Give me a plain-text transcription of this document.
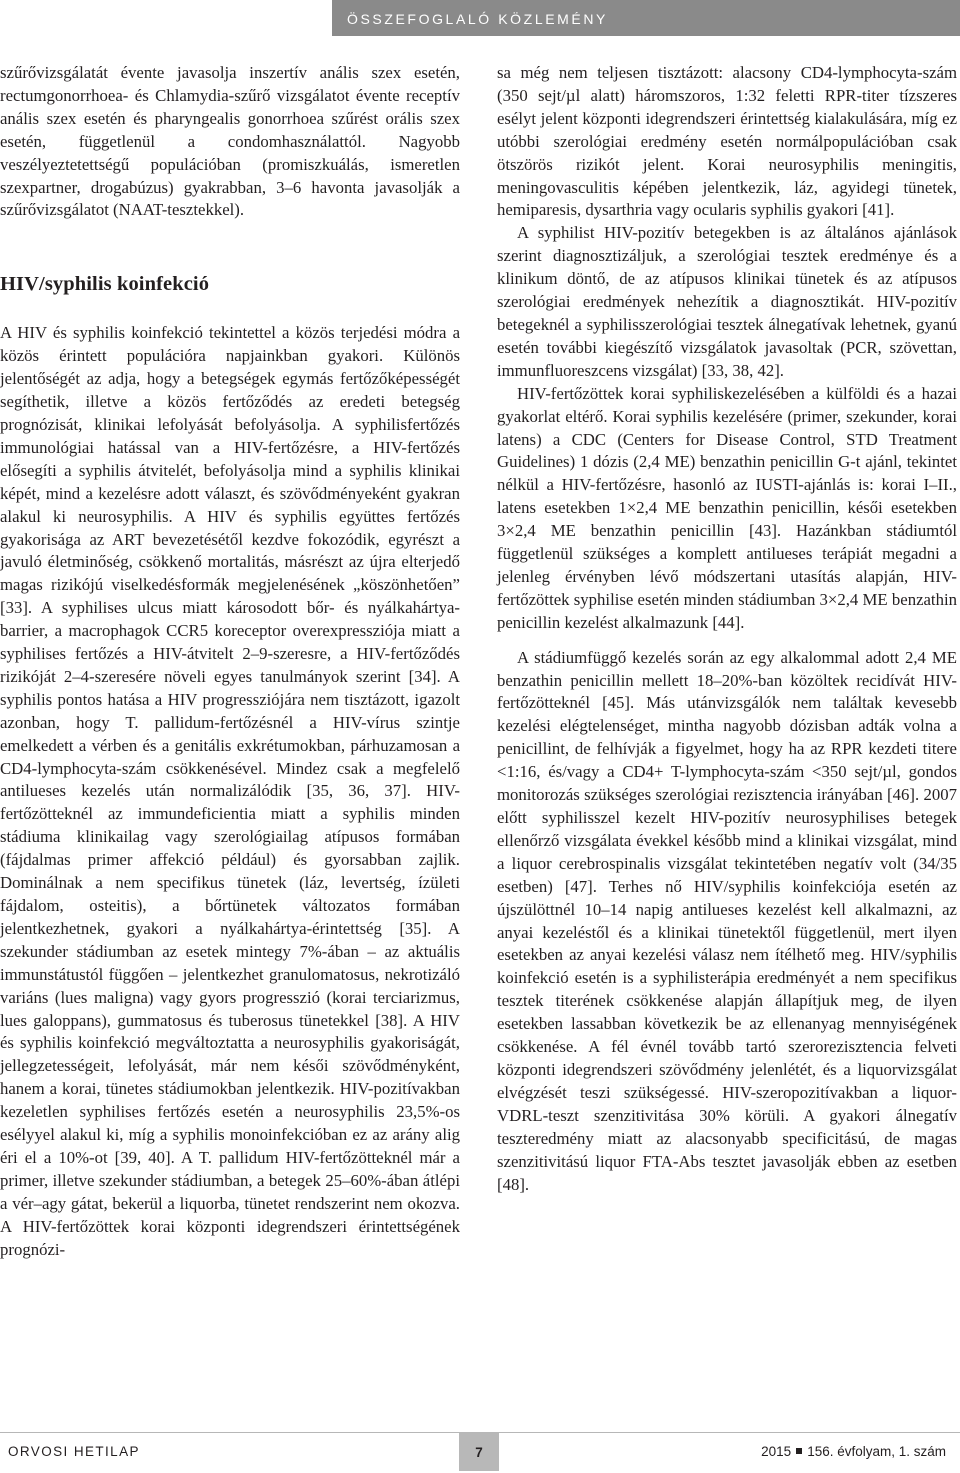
ÖSSZEFOGLALÓ KÖZLEMÉNY

szűrővizsgálatát évente javasolja inszertív anális szex esetén, rectumgonorrhoea- és Chlamydia-szűrő vizsgálatot évente receptív anális szex esetén és pharyngealis gonorrhoea szűrést orális szex esetén, függetlenül a condomhasználattól. Nagyobb veszélyeztetettségű populációban (promiszkuálás, ismeretlen szexpartner, drogabúzus) gyakrabban, 3–6 havonta javasolják a szűrővizsgálatot (NAAT-tesztekkel).

HIV/syphilis koinfekció

A HIV és syphilis koinfekció tekintettel a közös terjedési módra a közös érintett populációra napjainkban gyakori. Különös jelentőségét az adja, hogy a betegségek egymás fertőzőképességét segíthetik, illetve a közös fertőződés az eredeti betegség prognózisát, klinikai lefolyását befolyásolja. A syphilisfertőzés immunológiai hatással van a HIV-fertőzésre, a HIV-fertőzés elősegíti a syphilis átvitelét, befolyásolja mind a syphilis klinikai képét, mind a kezelésre adott választ, és szövődményeként gyakran alakul ki neurosyphilis. A HIV és syphilis együttes fertőzés gyakorisága az ART bevezetésétől kezdve fokozódik, egyrészt a javuló életminőség, csökkenő mortalitás, másrészt az újra elterjedő magas rizikójú viselkedésformák megjelenésének „köszönhetően” [33]. A syphilises ulcus miatt károsodott bőr- és nyálkahártya-barrier, a macrophagok CCR5 koreceptor overexpressziója miatt a syphilises fertőzés a HIV-átvitelt 2–9-szeresre, a HIV-fertőződés rizikóját 2–4-szeresére növeli egyes tanulmányok szerint [34]. A syphilis pontos hatása a HIV progressziójára nem tisztázott, igazolt azonban, hogy T. pallidum-fertőzésnél a HIV-vírus szintje emelkedett a vérben és a genitális exkrétumokban, párhuzamosan a CD4-lymphocyta-szám csökkenésével. Mindez csak a megfelelő antilueses kezelés után normalizálódik [35, 36, 37]. HIV-fertőzötteknél az immundeficientia miatt a syphilis minden stádiuma klinikailag vagy szerológiailag atípusos formában (fájdalmas primer affekció például) és gyorsabban zajlik. Dominálnak a nem specifikus tünetek (láz, levertség, ízületi fájdalom, osteitis), a bőrtünetek változatos formában jelentkezhetnek, gyakori a nyálkahártya-érintettség [35]. A szekunder stádiumban az esetek mintegy 7%-ában – az aktuális immunstátustól függően – jelentkezhet granulomatosus, nekrotizáló variáns (lues maligna) vagy gyors progresszió (korai terciarizmus, lues galoppans), gummatosus és tuberosus tünetekkel [38]. A HIV és syphilis koinfekció megváltoztatta a neurosyphilis gyakoriságát, jellegzetességeit, lefolyását, már nem késői szövődményként, hanem a korai, tünetes stádiumokban jelentkezik. HIV-pozitívakban kezeletlen syphilises fertőzés esetén a neurosyphilis 23,5%-os esélyyel alakul ki, míg a syphilis monoinfekcióban ez az arány alig éri el a 10%-ot [39, 40]. A T. pallidum HIV-fertőzötteknél már a primer, illetve szekunder stádiumban, a betegek 25–60%-ában átlépi a vér–agy gátat, bekerül a liquorba, tünetet rendszerint nem okozva. A HIV-fertőzöttek korai központi idegrendszeri érintettségének prognózi-

sa még nem teljesen tisztázott: alacsony CD4-lymphocyta-szám (350 sejt/µl alatt) háromszoros, 1:32 feletti RPR-titer tízszeres esélyt jelent központi idegrendszeri érintettség kialakulására, míg ez utóbbi szerológiai eredmény esetén normálpopulációban csak ötszörös rizikót jelent. Korai neurosyphilis meningitis, meningovasculitis képében jelentkezik, láz, agyidegi tünetek, hemiparesis, dysarthria vagy ocularis syphilis gyakori [41].

A syphilist HIV-pozitív betegekben is az általános ajánlások szerint diagnosztizáljuk, a szerológiai tesztek eredménye és a klinikum döntő, de az atípusos klinikai tünetek és az atípusos szerológiai eredmények nehezítik a diagnosztikát. HIV-pozitív betegeknél a syphilisszerológiai tesztek álnegatívak lehetnek, gyanú esetén további kiegészítő vizsgálatok javasoltak (PCR, szövettan, immunfluoreszcens vizsgálat) [33, 38, 42].

HIV-fertőzöttek korai syphiliskezelésében a külföldi és a hazai gyakorlat eltérő. Korai syphilis kezelésére (primer, szekunder, korai latens) a CDC (Centers for Disease Control, STD Treatment Guidelines) 1 dózis (2,4 ME) benzathin penicillin G-t ajánl, tekintet nélkül a HIV-fertőzésre, hasonló az IUSTI-ajánlás is: korai I–II., latens esetekben 1×2,4 ME benzathin penicillin, késői esetekben 3×2,4 ME benzathin penicillin [43]. Hazánkban stádiumtól függetlenül szükséges a komplett antilueses terápiát megadni a jelenleg érvényben lévő módszertani utasítás alapján, HIV-fertőzöttek syphilise esetén minden stádiumban 3×2,4 ME benzathin penicillin kezelést alkalmazunk [44].

A stádiumfüggő kezelés során az egy alkalommal adott 2,4 ME benzathin penicillin mellett 18–20%-ban közöltek recidívát HIV-fertőzötteknél [45]. Más utánvizsgálók nem találtak kevesebb kezelési elégtelenséget, mintha nagyobb dózisban adták volna a penicillint, de felhívják a figyelmet, hogy ha az RPR kezdeti titere <1:16, és/vagy a CD4+ T-lymphocyta-szám <350 sejt/µl, gondos monitorozás szükséges szerológiai rezisztencia irányában [46]. 2007 előtt syphilisszel kezelt HIV-pozitív neurosyphilises betegek ellenőrző vizsgálata évekkel később mind a klinikai vizsgálat, mind a liquor cerebrospinalis vizsgálat tekintetében negatív volt (34/35 esetben) [47]. Terhes nő HIV/syphilis koinfekciója esetén az újszülöttnél 10–14 napig antilueses kezelést kell alkalmazni, az anyai kezeléstől és a klinikai tünetektől függetlenül, mert ilyen esetekben az anyai kezelési válasz nem ítélhető meg. HIV/syphilis koinfekció esetén is a syphilisterápia eredményét a nem specifikus tesztek titerének csökkenése alapján állapítjuk meg, de ilyen esetekben lassabban következik be az ellenanyag mennyiségének csökkenése. A fél évnél tovább tartó szerorezisztencia felveti központi idegrendszeri szövődmény jelenlétét, és a liquorvizsgálat elvégzését teszi szükségessé. HIV-szeropozitívakban a liquor-VDRL-teszt szenzitivitása 30% körüli. A gyakori álnegatív teszteredmény miatt az alacsonyabb specificitású, de magas szenzitivitású liquor FTA-Abs tesztet javasolják ebben az esetben [48].

ORVOSI HETILAP	7	2015 156. évfolyam, 1. szám
